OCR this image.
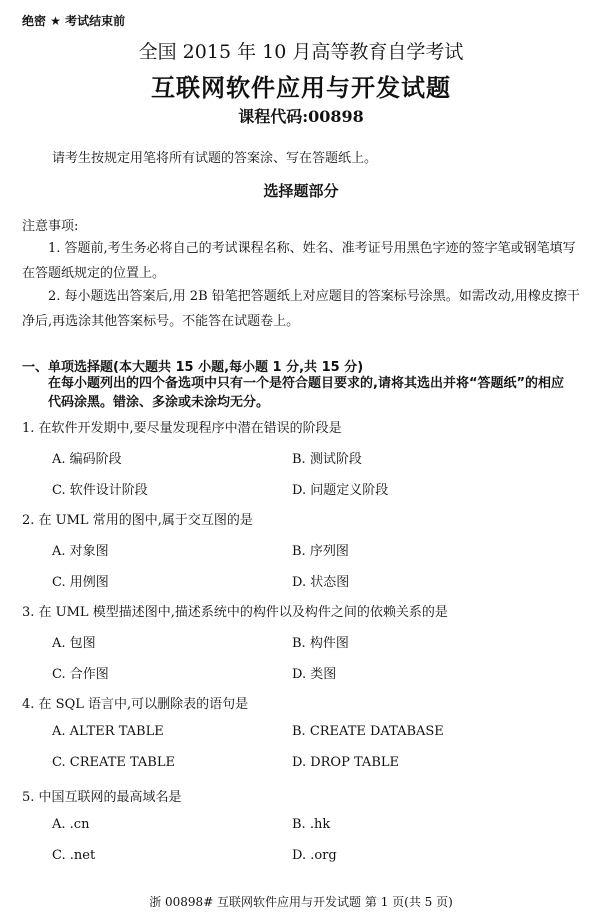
绝密 ★ 考试结束前
全国 2015 年 10 月高等教育自学考试
互联网软件应用与开发试题
课程代码:00898
请考生按规定用笔将所有试题的答案涂、写在答题纸上。
选择题部分
注意事项:
1. 答题前,考生务必将自己的考试课程名称、姓名、准考证号用黑色字迹的签字笔或钢笔填写在答题纸规定的位置上。
2. 每小题选出答案后,用 2B 铅笔把答题纸上对应题目的答案标号涂黑。如需改动,用橡皮擦干净后,再选涂其他答案标号。不能答在试题卷上。
一、单项选择题(本大题共 15 小题,每小题 1 分,共 15 分)
在每小题列出的四个备选项中只有一个是符合题目要求的,请将其选出并将“答题纸”的相应代码涂黑。错涂、多涂或未涂均无分。
1. 在软件开发期中,要尽量发现程序中潜在错误的阶段是
A. 编码阶段	B. 测试阶段
C. 软件设计阶段	D. 问题定义阶段
2. 在 UML 常用的图中,属于交互图的是
A. 对象图	B. 序列图
C. 用例图	D. 状态图
3. 在 UML 模型描述图中,描述系统中的构件以及构件之间的依赖关系的是
A. 包图	B. 构件图
C. 合作图	D. 类图
4. 在 SQL 语言中,可以删除表的语句是
A. ALTER TABLE	B. CREATE DATABASE
C. CREATE TABLE	D. DROP TABLE
5. 中国互联网的最高域名是
A. .cn	B. .hk
C. .net	D. .org
浙 00898# 互联网软件应用与开发试题 第 1 页(共 5 页)
